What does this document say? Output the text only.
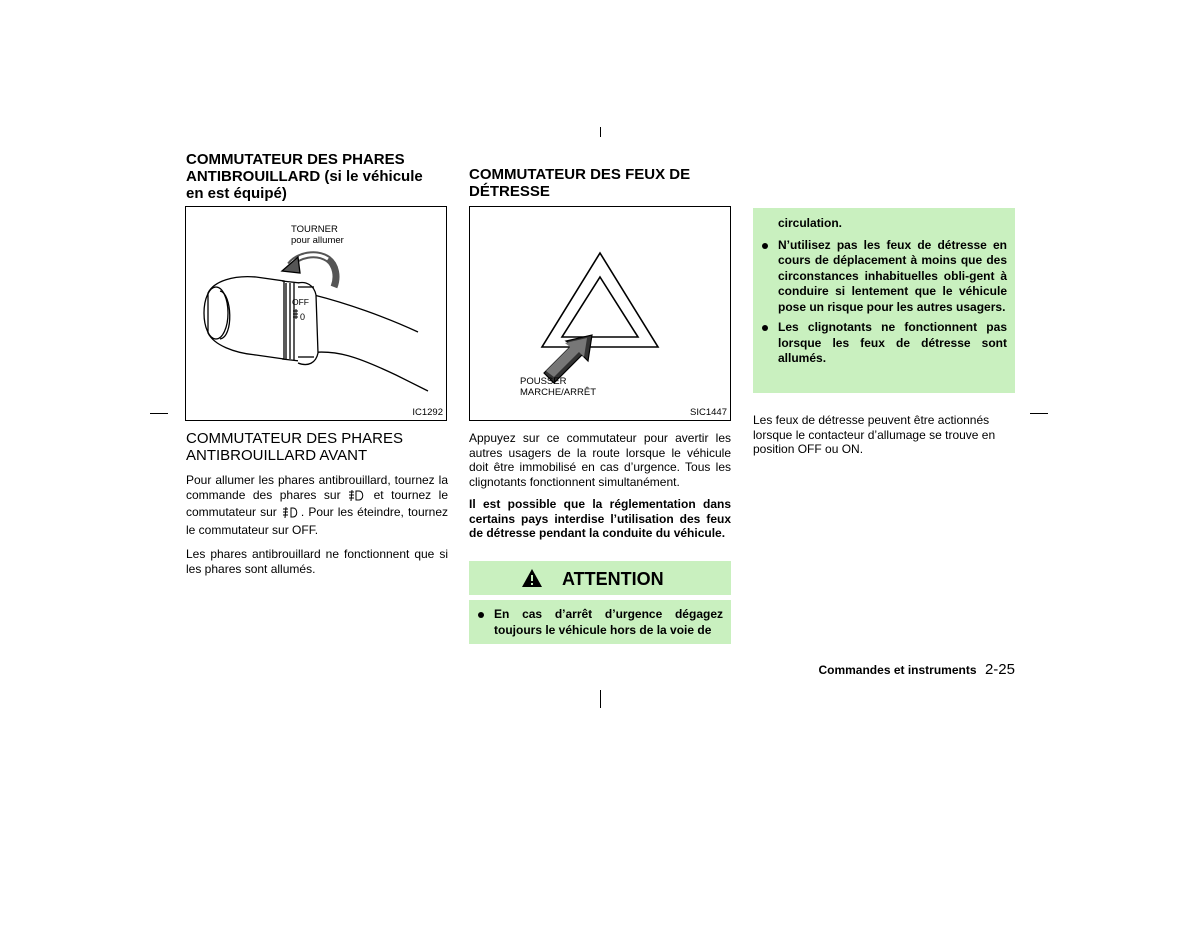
COMMUTATEUR DES PHARES
ANTIBROUILLARD (si le véhicule
en est équipé)
TOURNER
pour allumer
OFF
0
IC1292
COMMUTATEUR DES PHARES
ANTIBROUILLARD AVANT

Pour allumer les phares antibrouillard, tournez la commande des phares sur	et tournez le commutateur sur . Pour les éteindre, tournez le commutateur sur OFF.

Les phares antibrouillard ne fonctionnent que si les phares sont allumés.

COMMUTATEUR DES FEUX DE
DÉTRESSE
POUSSER
MARCHE/ARRÊT
SIC1447

Appuyez sur ce commutateur pour avertir les autres usagers de la route lorsque le véhicule doit être immobilisé en cas d’urgence. Tous les clignotants fonctionnent simultanément.

Il est possible que la réglementation dans certains pays interdise l’utilisation des feux de détresse pendant la conduite du véhicule.

ATTENTION
En cas d’arrêt d’urgence dégagez toujours le véhicule hors de la voie de

circulation.

N’utilisez pas les feux de détresse en cours de déplacement à moins que des circonstances inhabituelles obli-gent à conduire si lentement que le véhicule pose un risque pour les autres usagers.
Les clignotants ne fonctionnent pas lorsque les feux de détresse sont allumés.

Les feux de détresse peuvent être actionnés lorsque le contacteur d’allumage se trouve en position OFF ou ON.

Commandes et instruments 2-25
